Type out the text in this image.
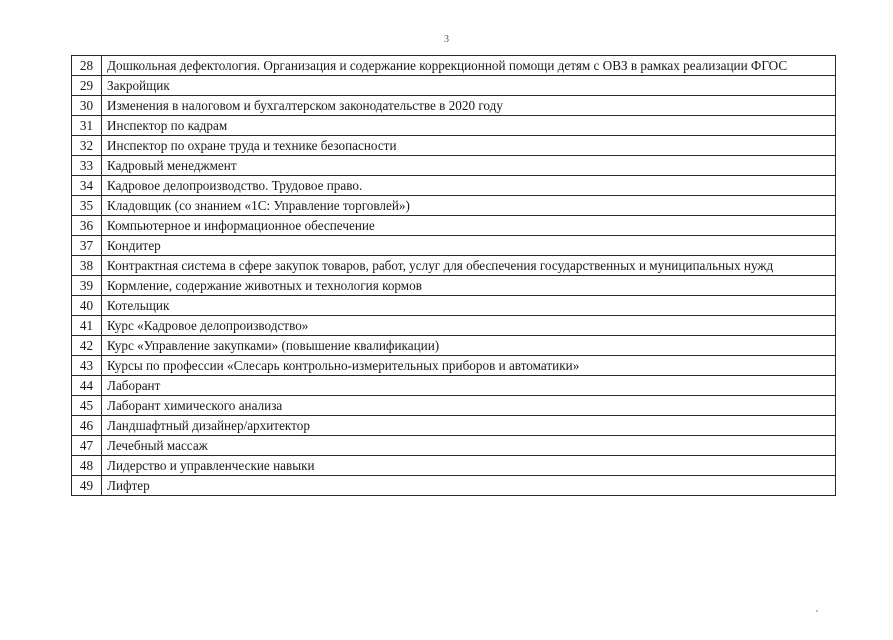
3
28	Дошкольная дефектология. Организация и содержание коррекционной помощи детям с ОВЗ в рамках реализации ФГОС
29	Закройщик
30	Изменения в налоговом и бухгалтерском законодательстве в 2020 году
31	Инспектор по кадрам
32	Инспектор по охране труда и технике безопасности
33	Кадровый менеджмент
34	Кадровое делопроизводство. Трудовое право.
35	Кладовщик (со знанием «1С: Управление торговлей»)
36	Компьютерное и информационное обеспечение
37	Кондитер
38	Контрактная система в сфере закупок товаров, работ, услуг для обеспечения государственных и муниципальных нужд
39	Кормление, содержание животных и технология кормов
40	Котельщик
41	Курс «Кадровое делопроизводство»
42	Курс «Управление закупками» (повышение квалификации)
43	Курсы по профессии «Слесарь контрольно-измерительных приборов и автоматики»
44	Лаборант
45	Лаборант химического анализа
46	Ландшафтный дизайнер/архитектор
47	Лечебный массаж
48	Лидерство и управленческие навыки
49	Лифтер
